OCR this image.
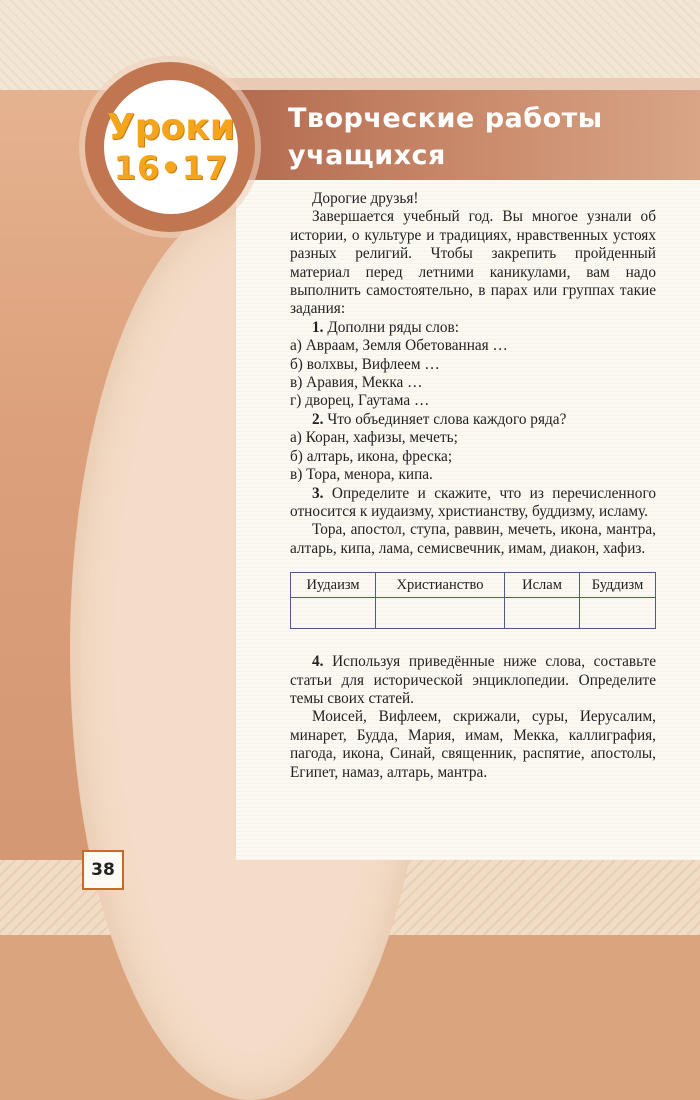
Уроки
16•17
Творческие работы
учащихся

Дорогие друзья!

Завершается учебный год. Вы многое узнали об истории, о культуре и традициях, нравственных устоях разных религий. Чтобы закрепить пройденный материал перед летними каникулами, вам надо выполнить самостоятельно, в парах или группах такие задания:

1. Дополни ряды слов:

а) Авраам, Земля Обетованная …

б) волхвы, Вифлеем …

в) Аравия, Мекка …

г) дворец, Гаутама …

2. Что объединяет слова каждого ряда?

а) Коран, хафизы, мечеть;

б) алтарь, икона, фреска;

в) Тора, менора, кипа.

3. Определите и скажите, что из перечисленного относится к иудаизму, христианству, буддизму, исламу.

Тора, апостол, ступа, раввин, мечеть, икона, мантра, алтарь, кипа, лама, семисвечник, имам, диакон, хафиз.

Иудаизм	Христианство	Ислам	Буддизм

4. Используя приведённые ниже слова, составьте статьи для исторической энциклопедии. Определите темы своих статей.

Моисей, Вифлеем, скрижали, суры, Иерусалим, минарет, Будда, Мария, имам, Мекка, каллиграфия, пагода, икона, Синай, священник, распятие, апостолы, Египет, намаз, алтарь, мантра.

38
